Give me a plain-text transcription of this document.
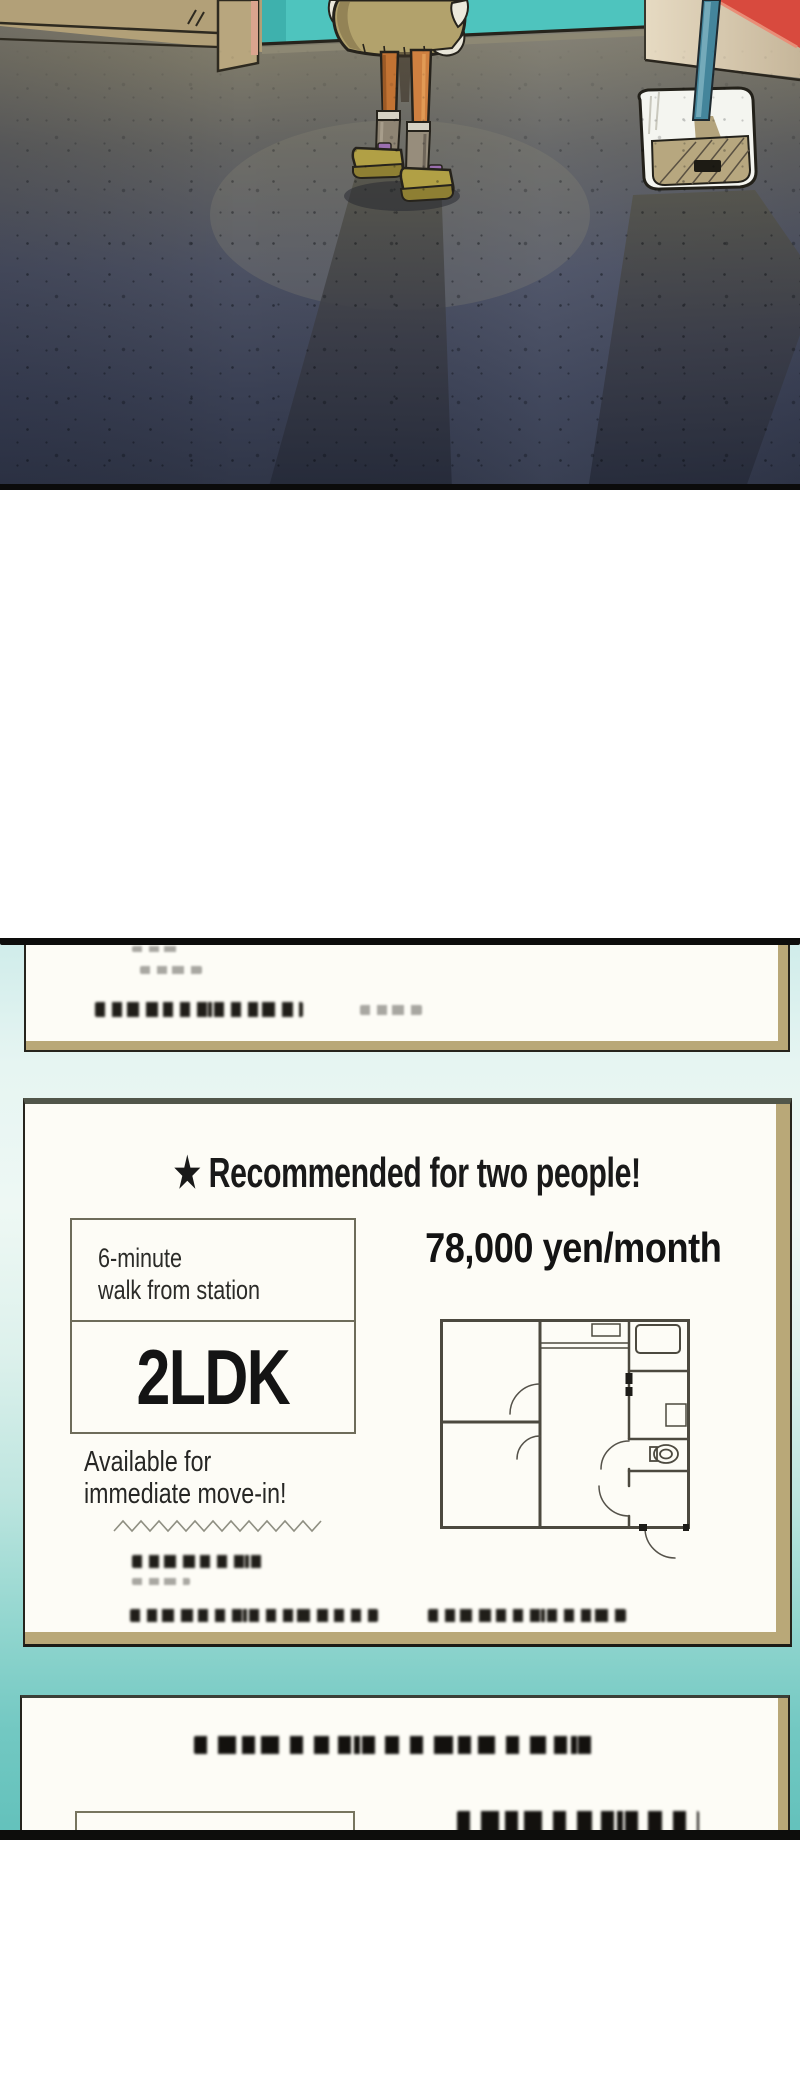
★ Recommended for two people!
6-minute
walk from station
2LDK
78,000 yen/month
Available for
immediate move-in!
